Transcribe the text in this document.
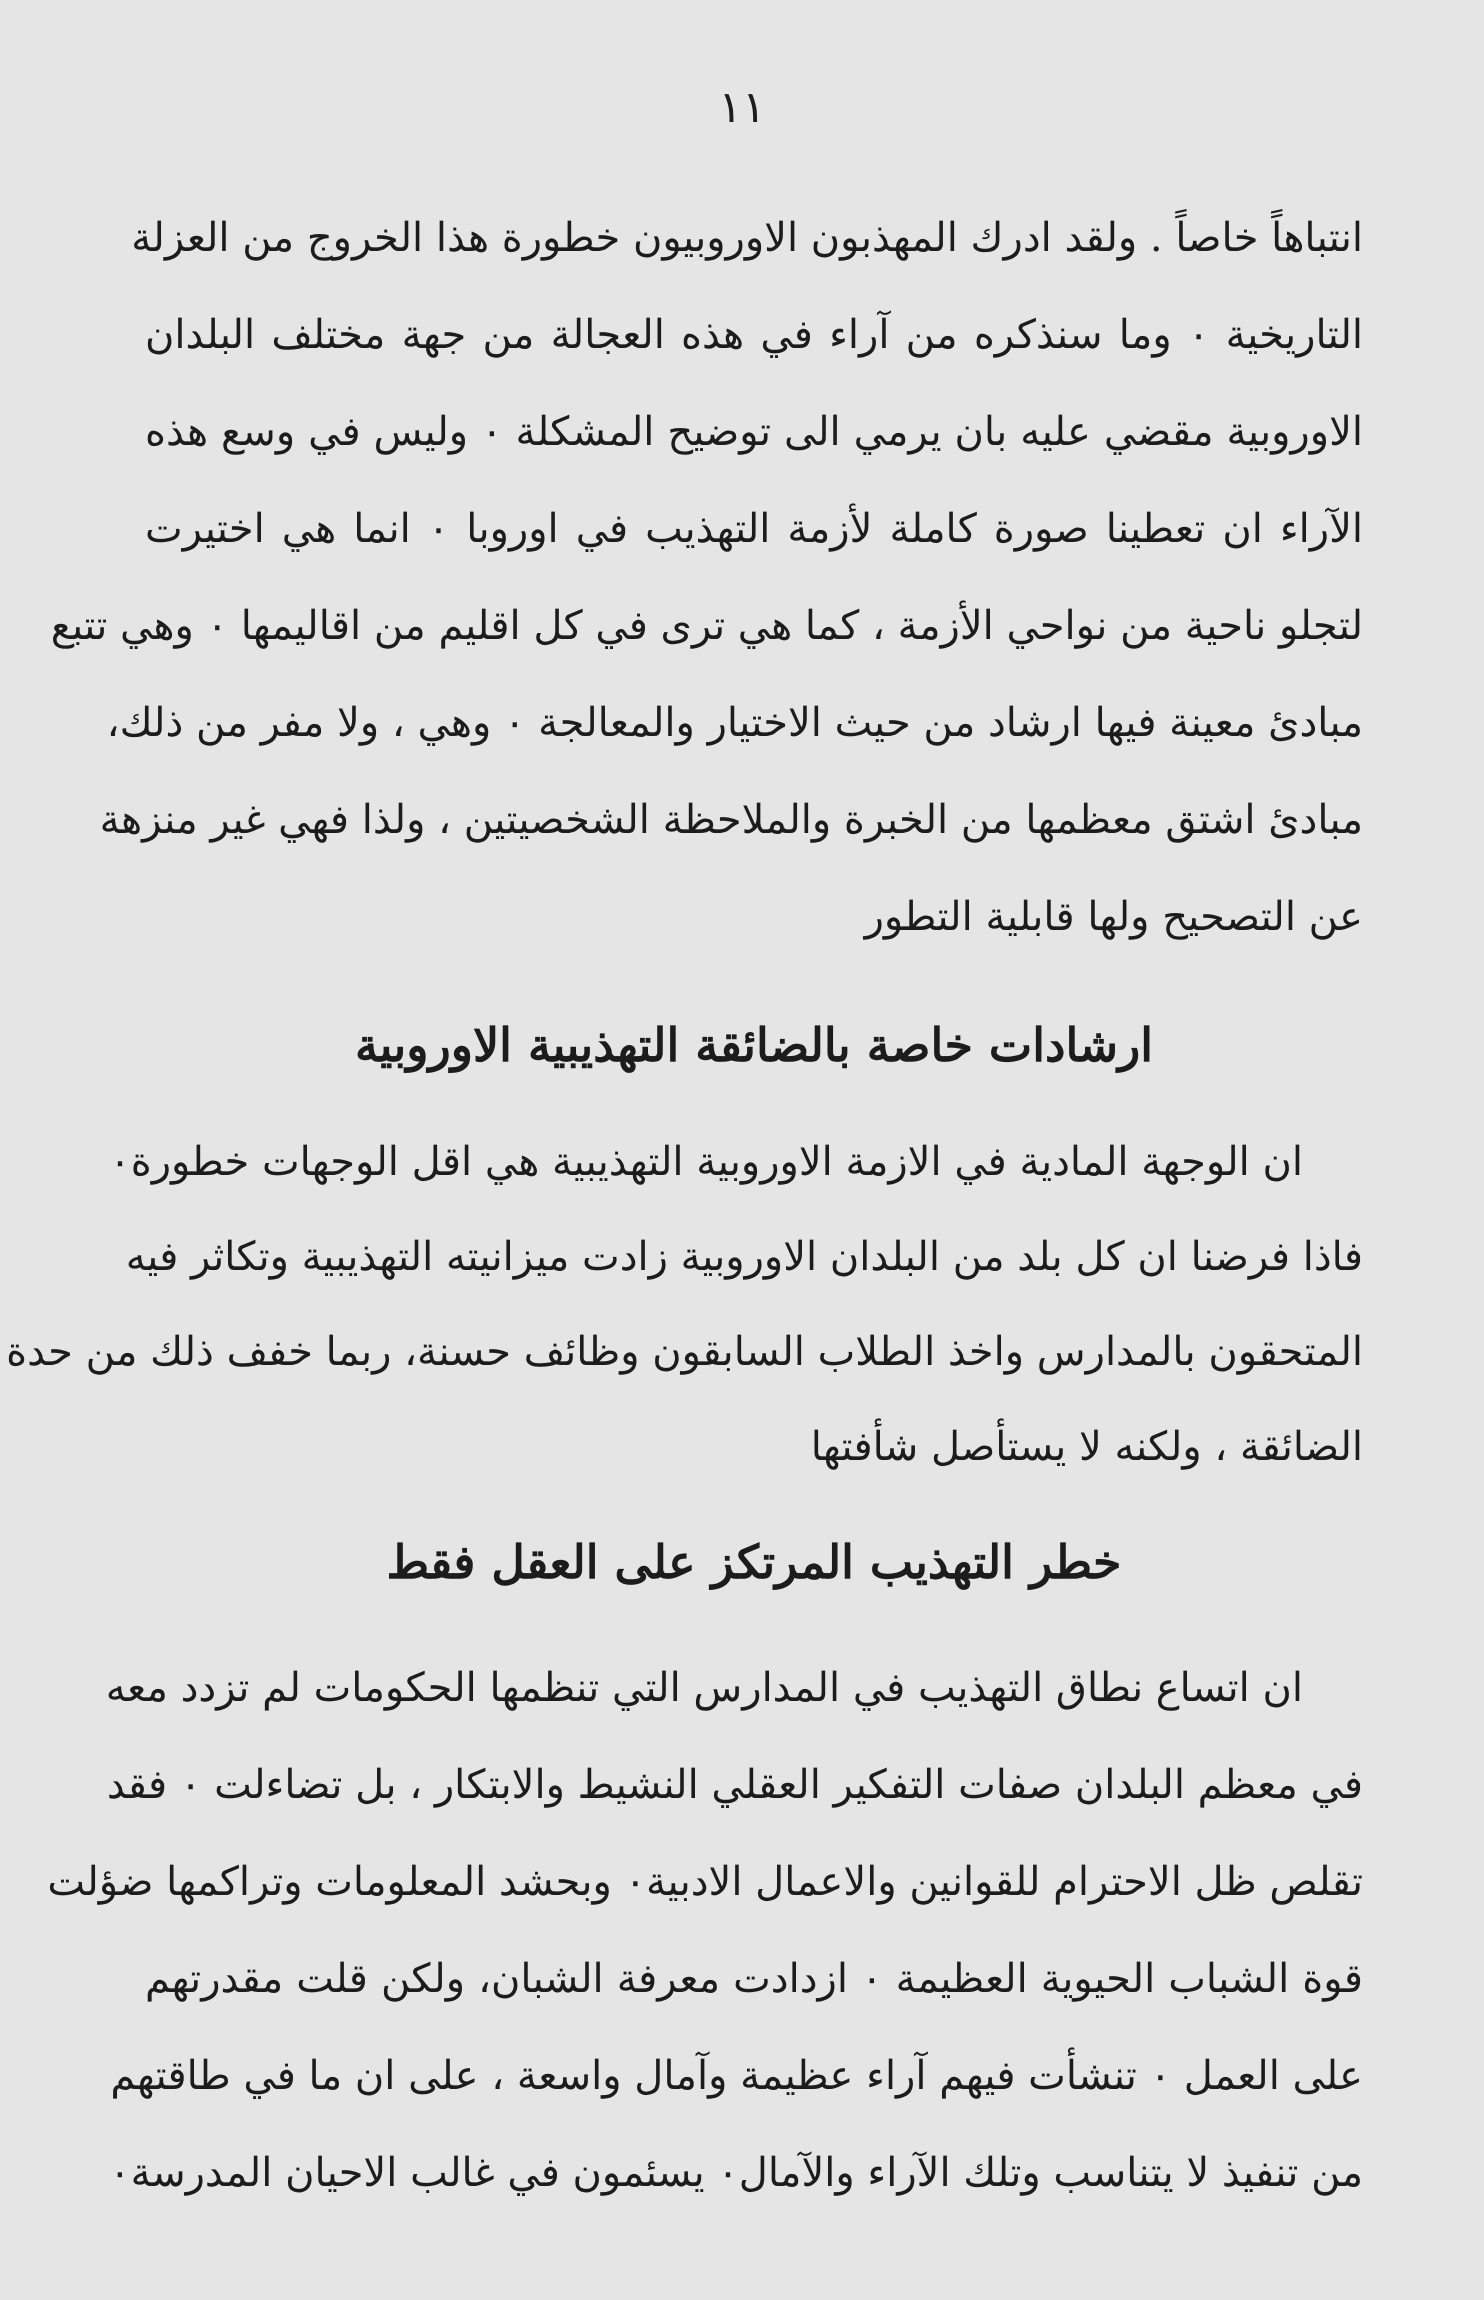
١١
انتباهاً خاصاً . ولقد ادرك المهذبون الاوروبيون خطورة هذا الخروج من العزلة
التاريخية ٠ وما سنذكره من آراء في هذه العجالة من جهة مختلف البلدان
الاوروبية مقضي عليه بان يرمي الى توضيح المشكلة ٠ وليس في وسع هذه
الآراء ان تعطينا صورة كاملة لأزمة التهذيب في اوروبا ٠ انما هي اختيرت
لتجلو ناحية من نواحي الأزمة ، كما هي ترى في كل اقليم من اقاليمها ٠ وهي تتبع
مبادئ معينة فيها ارشاد من حيث الاختيار والمعالجة ٠ وهي ، ولا مفر من ذلك،
مبادئ اشتق معظمها من الخبرة والملاحظة الشخصيتين ، ولذا فهي غير منزهة
عن التصحيح ولها قابلية التطور
ارشادات خاصة بالضائقة التهذيبية الاوروبية
ان الوجهة المادية في الازمة الاوروبية التهذيبية هي اقل الوجهات خطورة٠
فاذا فرضنا ان كل بلد من البلدان الاوروبية زادت ميزانيته التهذيبية وتكاثر فيه
المتحقون بالمدارس واخذ الطلاب السابقون وظائف حسنة، ربما خفف ذلك من حدة
الضائقة ، ولكنه لا يستأصل شأفتها
خطر التهذيب المرتكز على العقل فقط
ان اتساع نطاق التهذيب في المدارس التي تنظمها الحكومات لم تزدد معه
في معظم البلدان صفات التفكير العقلي النشيط والابتكار ، بل تضاءلت ٠ فقد
تقلص ظل الاحترام للقوانين والاعمال الادبية٠ وبحشد المعلومات وتراكمها ضؤلت
قوة الشباب الحيوية العظيمة ٠ ازدادت معرفة الشبان، ولكن قلت مقدرتهم
على العمل ٠ تنشأت فيهم آراء عظيمة وآمال واسعة ، على ان ما في طاقتهم
من تنفيذ لا يتناسب وتلك الآراء والآمال٠ يسئمون في غالب الاحيان المدرسة٠
